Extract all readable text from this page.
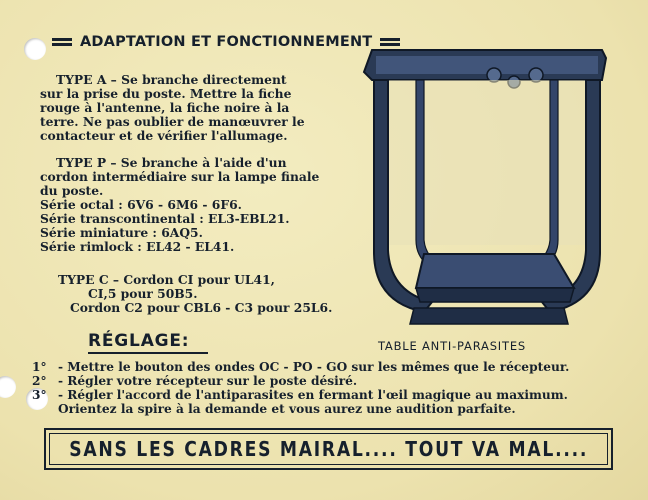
ADAPTATION ET FONCTIONNEMENT

TYPE A – Se branche directement

sur la prise du poste. Mettre la fiche

rouge à l'antenne, la fiche noire à la

terre. Ne pas oublier de manœuvrer le

contacteur et de vérifier l'allumage.

TYPE P – Se branche à l'aide d'un

cordon intermédiaire sur la lampe finale

du poste.

Série octal : 6V6 - 6M6 - 6F6.

Série transcontinental : EL3-EBL21.

Série miniature : 6AQ5.

Série rimlock : EL42 - EL41.

TYPE C – Cordon CI pour UL41,

CI,5 pour 50B5.

Cordon C2 pour CBL6 - C3 pour 25L6.

TABLE ANTI-PARASITES
RÉGLAGE:
1° - Mettre le bouton des ondes OC - PO - GO sur les mêmes que le récepteur.
2° - Régler votre récepteur sur le poste désiré.
3° - Régler l'accord de l'antiparasites en fermant l'œil magique au maximum.
Orientez la spire à la demande et vous aurez une audition parfaite.
SANS LES CADRES MAIRAL.... TOUT VA MAL....
